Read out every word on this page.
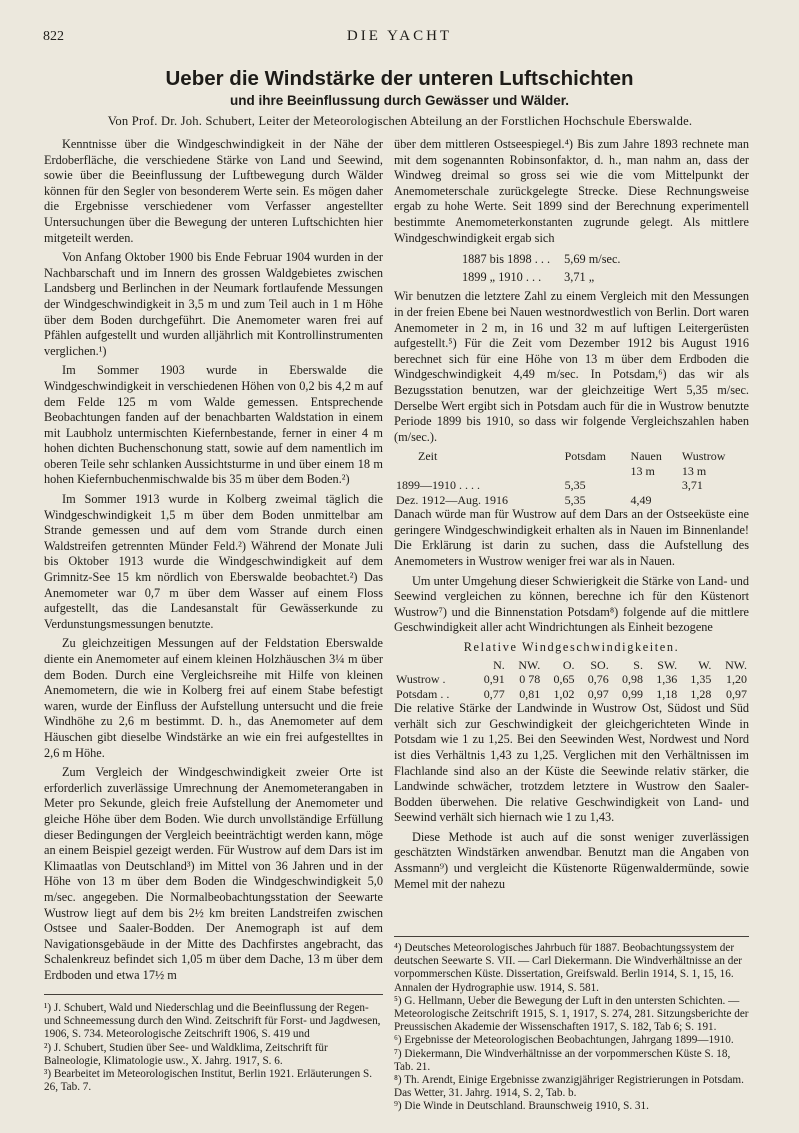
822	DIE YACHT
Ueber die Windstärke der unteren Luftschichten
und ihre Beeinflussung durch Gewässer und Wälder.
Von Prof. Dr. Joh. Schubert, Leiter der Meteorologischen Abteilung an der Forstlichen Hochschule Eberswalde.

Kenntnisse über die Windgeschwindigkeit in der Nähe der Erdoberfläche, die verschiedene Stärke von Land und Seewind, sowie über die Beeinflussung der Luftbewegung durch Wälder können für den Segler von besonderem Werte sein. Es mögen daher die Ergebnisse verschiedener vom Verfasser angestellter Untersuchungen über die Bewegung der unteren Luftschichten hier mitgeteilt werden.

Von Anfang Oktober 1900 bis Ende Februar 1904 wurden in der Nachbarschaft und im Innern des grossen Waldgebietes zwischen Landsberg und Berlinchen in der Neumark fortlaufende Messungen der Windgeschwindigkeit in 3,5 m und zum Teil auch in 1 m Höhe über dem Boden durchgeführt. Die Anemometer waren frei auf Pfählen aufgestellt und wurden alljährlich mit Kontrollinstrumenten verglichen.¹)

Im Sommer 1903 wurde in Eberswalde die Windgeschwindigkeit in verschiedenen Höhen von 0,2 bis 4,2 m auf dem Felde 125 m vom Walde gemessen. Entsprechende Beobachtungen fanden auf der benachbarten Waldstation in einem mit Laubholz untermischten Kiefernbestande, ferner in einer 4 m hohen dichten Buchenschonung statt, sowie auf dem namentlich im oberen Teile sehr schlanken Aussichtsturme in und über einem 18 m hohen Kiefernbuchenmischwalde bis 35 m über dem Boden.²)

Im Sommer 1913 wurde in Kolberg zweimal täglich die Windgeschwindigkeit 1,5 m über dem Boden unmittelbar am Strande gemessen und auf dem vom Strande durch einen Waldstreifen getrennten Münder Feld.²) Während der Monate Juli bis Oktober 1913 wurde die Windgeschwindigkeit auf dem Grimnitz-See 15 km nördlich von Eberswalde beobachtet.²) Das Anemometer war 0,7 m über dem Wasser auf einem Floss aufgestellt, das die Landesanstalt für Gewässerkunde zu Verdunstungsmessungen benutzte.

Zu gleichzeitigen Messungen auf der Feldstation Eberswalde diente ein Anemometer auf einem kleinen Holzhäuschen 3¼ m über dem Boden. Durch eine Vergleichsreihe mit Hilfe von kleinen Anemometern, die wie in Kolberg frei auf einem Stabe befestigt waren, wurde der Einfluss der Aufstellung untersucht und die freie Windhöhe zu 2,6 m bestimmt. D. h., das Anemometer auf dem Häuschen gibt dieselbe Windstärke an wie ein frei aufgestelltes in 2,6 m Höhe.

Zum Vergleich der Windgeschwindigkeit zweier Orte ist erforderlich zuverlässige Umrechnung der Anemometerangaben in Meter pro Sekunde, gleich freie Aufstellung der Anemometer und gleiche Höhe über dem Boden. Wie durch unvollständige Erfüllung dieser Bedingungen der Vergleich beeinträchtigt werden kann, möge an einem Beispiel gezeigt werden. Für Wustrow auf dem Dars ist im Klimaatlas von Deutschland³) im Mittel von 36 Jahren und in der Höhe von 13 m über dem Boden die Windgeschwindigkeit 5,0 m/sec. angegeben. Die Normalbeobachtungsstation der Seewarte Wustrow liegt auf dem bis 2½ km breiten Landstreifen zwischen Ostsee und Saaler-Bodden. Der Anemograph ist auf dem Navigationsgebäude in der Mitte des Dachfirstes angebracht, das Schalenkreuz befindet sich 1,05 m über dem Dache, 13 m über dem Erdboden und etwa 17½ m

über dem mittleren Ostseespiegel.⁴) Bis zum Jahre 1893 rechnete man mit dem sogenannten Robinsonfaktor, d. h., man nahm an, dass der Windweg dreimal so gross sei wie die vom Mittelpunkt der Anemometerschale zurückgelegte Strecke. Diese Rechnungsweise ergab zu hohe Werte. Seit 1899 sind der Berechnung experimentell bestimmte Anemometerkonstanten zugrunde gelegt. Als mittlere Windgeschwindigkeit ergab sich

1887 bis 1898 . . .	5,69 m/sec.
1899 „ 1910 . . .	3,71 „

Wir benutzen die letztere Zahl zu einem Vergleich mit den Messungen in der freien Ebene bei Nauen westnordwestlich von Berlin. Dort waren Anemometer in 2 m, in 16 und 32 m auf luftigen Leitergerüsten aufgestellt.⁵) Für die Zeit vom Dezember 1912 bis August 1916 berechnet sich für eine Höhe von 13 m über dem Erdboden die Windgeschwindigkeit 4,49 m/sec. In Potsdam,⁶) das wir als Bezugsstation benutzen, war der gleichzeitige Wert 5,35 m/sec. Derselbe Wert ergibt sich in Potsdam auch für die in Wustrow benutzte Periode 1899 bis 1910, so dass wir folgende Vergleichszahlen haben (m/sec.).

Zeit	Potsdam	Nauen	Wustrow
		13 m	13 m
1899—1910 . . . .	5,35		3,71
Dez. 1912—Aug. 1916	5,35	4,49	

Danach würde man für Wustrow auf dem Dars an der Ostseeküste eine geringere Windgeschwindigkeit erhalten als in Nauen im Binnenlande! Die Erklärung ist darin zu suchen, dass die Aufstellung des Anemometers in Wustrow weniger frei war als in Nauen.

Um unter Umgehung dieser Schwierigkeit die Stärke von Land- und Seewind vergleichen zu können, berechne ich für den Küstenort Wustrow⁷) und die Binnenstation Potsdam⁸) folgende auf die mittlere Geschwindigkeit aller acht Windrichtungen als Einheit bezogene

Relative Windgeschwindigkeiten.
	N.	NW.	O.	SO.	S.	SW.	W.	NW.
Wustrow .	0,91	0 78	0,65	0,76	0,98	1,36	1,35	1,20
Potsdam . .	0,77	0,81	1,02	0,97	0,99	1,18	1,28	0,97

Die relative Stärke der Landwinde in Wustrow Ost, Südost und Süd verhält sich zur Geschwindigkeit der gleichgerichteten Winde in Potsdam wie 1 zu 1,25. Bei den Seewinden West, Nordwest und Nord ist dies Verhältnis 1,43 zu 1,25. Verglichen mit den Verhältnissen im Flachlande sind also an der Küste die Seewinde relativ stärker, die Landwinde schwächer, trotzdem letztere in Wustrow den Saaler-Bodden überwehen. Die relative Geschwindigkeit von Land- und Seewind verhält sich hiernach wie 1 zu 1,43.

Diese Methode ist auch auf die sonst weniger zuverlässigen geschätzten Windstärken anwendbar. Benutzt man die Angaben von Assmann⁹) und vergleicht die Küstenorte Rügenwaldermünde, sowie Memel mit der nahezu

¹) J. Schubert, Wald und Niederschlag und die Beeinflussung der Regen- und Schneemessung durch den Wind. Zeitschrift für Forst- und Jagdwesen, 1906, S. 734. Meteorologische Zeitschrift 1906, S. 419 und

²) J. Schubert, Studien über See- und Waldklima, Zeitschrift für Balneologie, Klimatologie usw., X. Jahrg. 1917, S. 6.

³) Bearbeitet im Meteorologischen Institut, Berlin 1921. Erläuterungen S. 26, Tab. 7.

⁴) Deutsches Meteorologisches Jahrbuch für 1887. Beobachtungssystem der deutschen Seewarte S. VII. — Carl Diekermann. Die Windverhältnisse an der vorpommerschen Küste. Dissertation, Greifswald. Berlin 1914, S. 1, 15, 16. Annalen der Hydrographie usw. 1914, S. 581.

⁵) G. Hellmann, Ueber die Bewegung der Luft in den untersten Schichten. — Meteorologische Zeitschrift 1915, S. 1, 1917, S. 274, 281. Sitzungsberichte der Preussischen Akademie der Wissenschaften 1917, S. 182, Tab 6; S. 191.

⁶) Ergebnisse der Meteorologischen Beobachtungen, Jahrgang 1899—1910.

⁷) Diekermann, Die Windverhältnisse an der vorpommerschen Küste S. 18, Tab. 21.

⁸) Th. Arendt, Einige Ergebnisse zwanzigjähriger Registrierungen in Potsdam. Das Wetter, 31. Jahrg. 1914, S. 2, Tab. b.

⁹) Die Winde in Deutschland. Braunschweig 1910, S. 31.
